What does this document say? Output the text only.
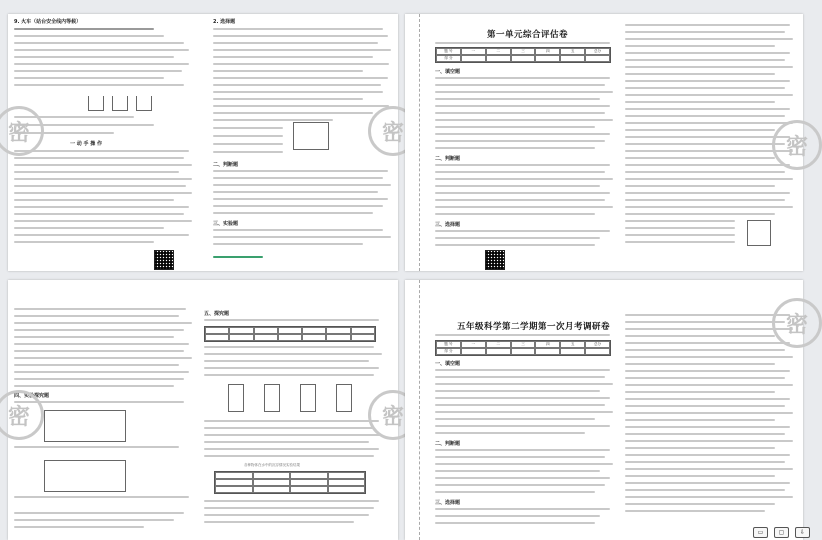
9. 火车（站台安全线内等候）	2. 选择题
一 动 手 操 作
二、判断题
三、实验题
密	密
第一单元综合评估卷
题 号	一	二	三	四	五	总分
得 分
一、填空题
二、判断题
三、选择题
密
四、实验探究题
五、探究题
各种物体在水中的沉浮情况实验结果
密	密
五年级科学第二学期第一次月考调研卷
题 号	一	二	三	四	五	总分
得 分
一、填空题
二、判断题
三、选择题
密
▭	▢	⇩
